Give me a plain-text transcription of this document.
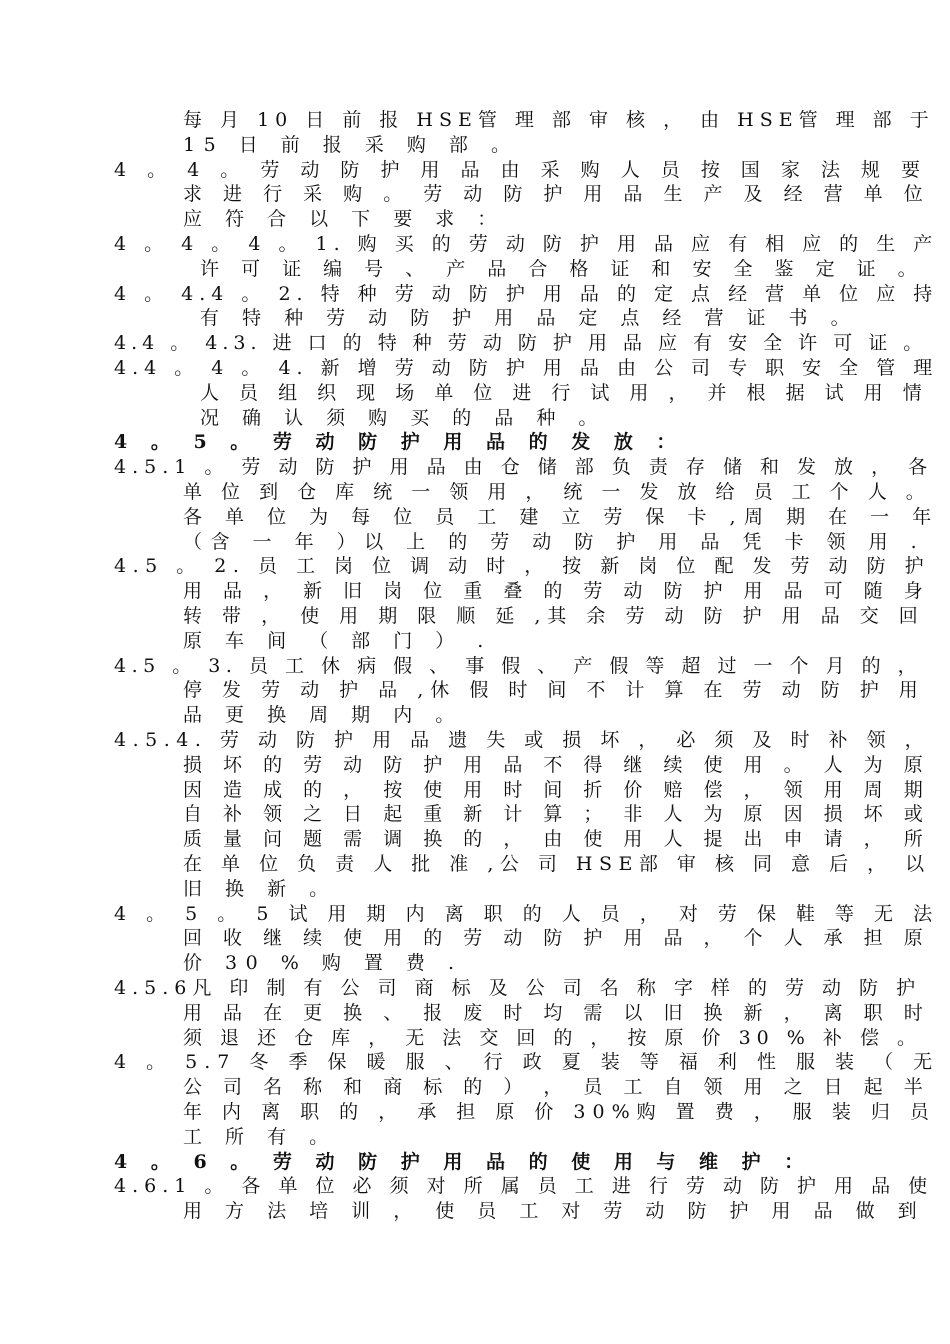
每 月 10 日 前 报 HSE管 理 部 审 核 ， 由 HSE管 理 部 于
15 日 前 报 采 购 部 。
4 。 4 。 劳 动 防 护 用 品 由 采 购 人 员 按 国 家 法 规 要
求 进 行 采 购 。 劳 动 防 护 用 品 生 产 及 经 营 单 位
应 符 合 以 下 要 求 ：
4 。 4 。 4 。 1. 购 买 的 劳 动 防 护 用 品 应 有 相 应 的 生 产
许 可 证 编 号 、 产 品 合 格 证 和 安 全 鉴 定 证 。
4 。 4.4 。 2. 特 种 劳 动 防 护 用 品 的 定 点 经 营 单 位 应 持
有 特 种 劳 动 防 护 用 品 定 点 经 营 证 书 。
4.4 。 4.3. 进 口 的 特 种 劳 动 防 护 用 品 应 有 安 全 许 可 证 。
4.4 。 4 。 4. 新 增 劳 动 防 护 用 品 由 公 司 专 职 安 全 管 理
人 员 组 织 现 场 单 位 进 行 试 用 ， 并 根 据 试 用 情
况 确 认 须 购 买 的 品 种 。
4 。 5 。 劳 动 防 护 用 品 的 发 放 ：
4.5.1 。 劳 动 防 护 用 品 由 仓 储 部 负 责 存 储 和 发 放 ， 各
单 位 到 仓 库 统 一 领 用 ， 统 一 发 放 给 员 工 个 人 。
各 单 位 为 每 位 员 工 建 立 劳 保 卡 ,周 期 在 一 年
（含 一 年 ）以 上 的 劳 动 防 护 用 品 凭 卡 领 用 .
4.5 。 2. 员 工 岗 位 调 动 时 ， 按 新 岗 位 配 发 劳 动 防 护
用 品 ， 新 旧 岗 位 重 叠 的 劳 动 防 护 用 品 可 随 身
转 带 ， 使 用 期 限 顺 延 ,其 余 劳 动 防 护 用 品 交 回
原 车 间 （ 部 门 ） .
4.5 。 3. 员 工 休 病 假 、 事 假 、 产 假 等 超 过 一 个 月 的 ，
停 发 劳 动 护 品 ,休 假 时 间 不 计 算 在 劳 动 防 护 用
品 更 换 周 期 内 。
4.5.4. 劳 动 防 护 用 品 遗 失 或 损 坏 ， 必 须 及 时 补 领 ，
损 坏 的 劳 动 防 护 用 品 不 得 继 续 使 用 。 人 为 原
因 造 成 的 ， 按 使 用 时 间 折 价 赔 偿 ， 领 用 周 期
自 补 领 之 日 起 重 新 计 算 ； 非 人 为 原 因 损 坏 或
质 量 问 题 需 调 换 的 ， 由 使 用 人 提 出 申 请 ， 所
在 单 位 负 责 人 批 准 ,公 司 HSE部 审 核 同 意 后 ， 以
旧 换 新 。
4 。 5 。 5 试 用 期 内 离 职 的 人 员 ， 对 劳 保 鞋 等 无 法
回 收 继 续 使 用 的 劳 动 防 护 用 品 ， 个 人 承 担 原
价 30 % 购 置 费 .
4.5.6凡 印 制 有 公 司 商 标 及 公 司 名 称 字 样 的 劳 动 防 护
用 品 在 更 换 、 报 废 时 均 需 以 旧 换 新 ， 离 职 时
须 退 还 仓 库 ， 无 法 交 回 的 ， 按 原 价 30 % 补 偿 。
4 。 5.7 冬 季 保 暖 服 、 行 政 夏 装 等 福 利 性 服 装 （ 无
公 司 名 称 和 商 标 的 ） ， 员 工 自 领 用 之 日 起 半
年 内 离 职 的 ， 承 担 原 价 30%购 置 费 ， 服 装 归 员
工 所 有 。
4 。 6 。 劳 动 防 护 用 品 的 使 用 与 维 护 ：
4.6.1 。 各 单 位 必 须 对 所 属 员 工 进 行 劳 动 防 护 用 品 使
用 方 法 培 训 ， 使 员 工 对 劳 动 防 护 用 品 做 到
